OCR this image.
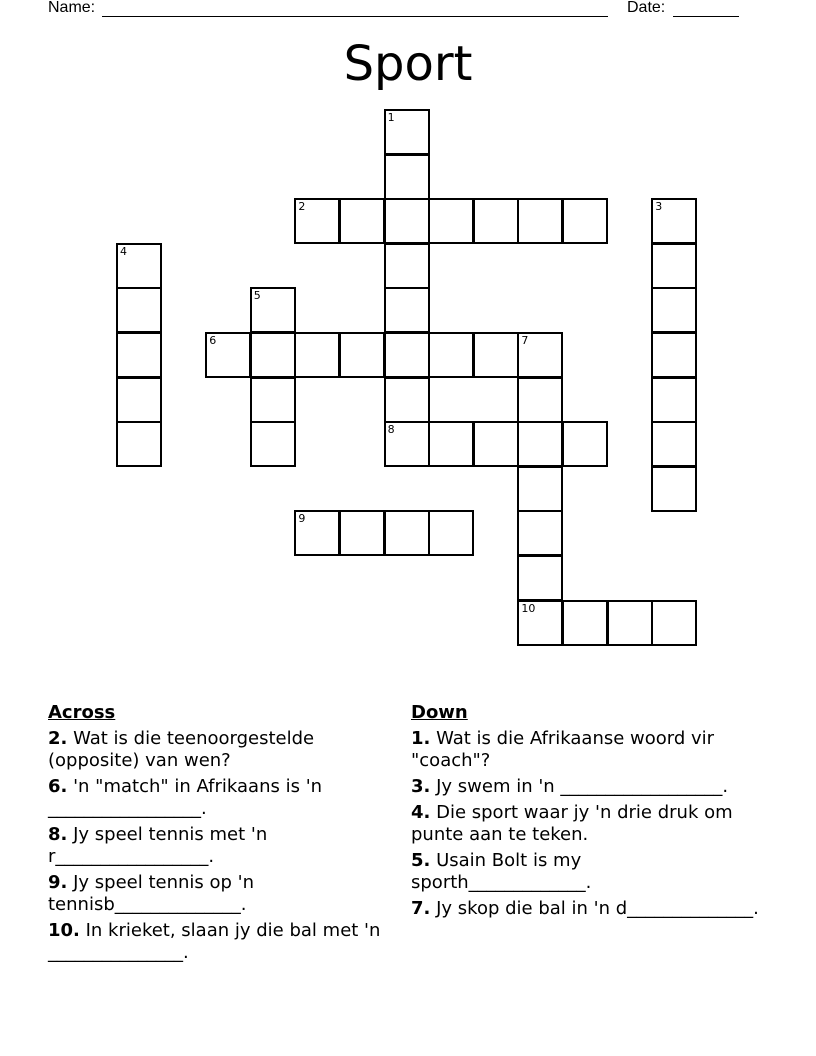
Name:	Date:
Sport
1
2	3
4
5
6	7
10
8
9
Across
2. Wat is die teenoorgestelde (opposite) van wen?
6. 'n "match" in Afrikaans is 'n _________________.
8. Jy speel tennis met 'n r_________________.
9. Jy speel tennis op 'n tennisb______________.
10. In krieket, slaan jy die bal met 'n _______________.
Down
1. Wat is die Afrikaanse woord vir "coach"?
3. Jy swem in 'n __________________.
4. Die sport waar jy 'n drie druk om punte aan te teken.
5. Usain Bolt is my sporth_____________.
7. Jy skop die bal in 'n d______________.
